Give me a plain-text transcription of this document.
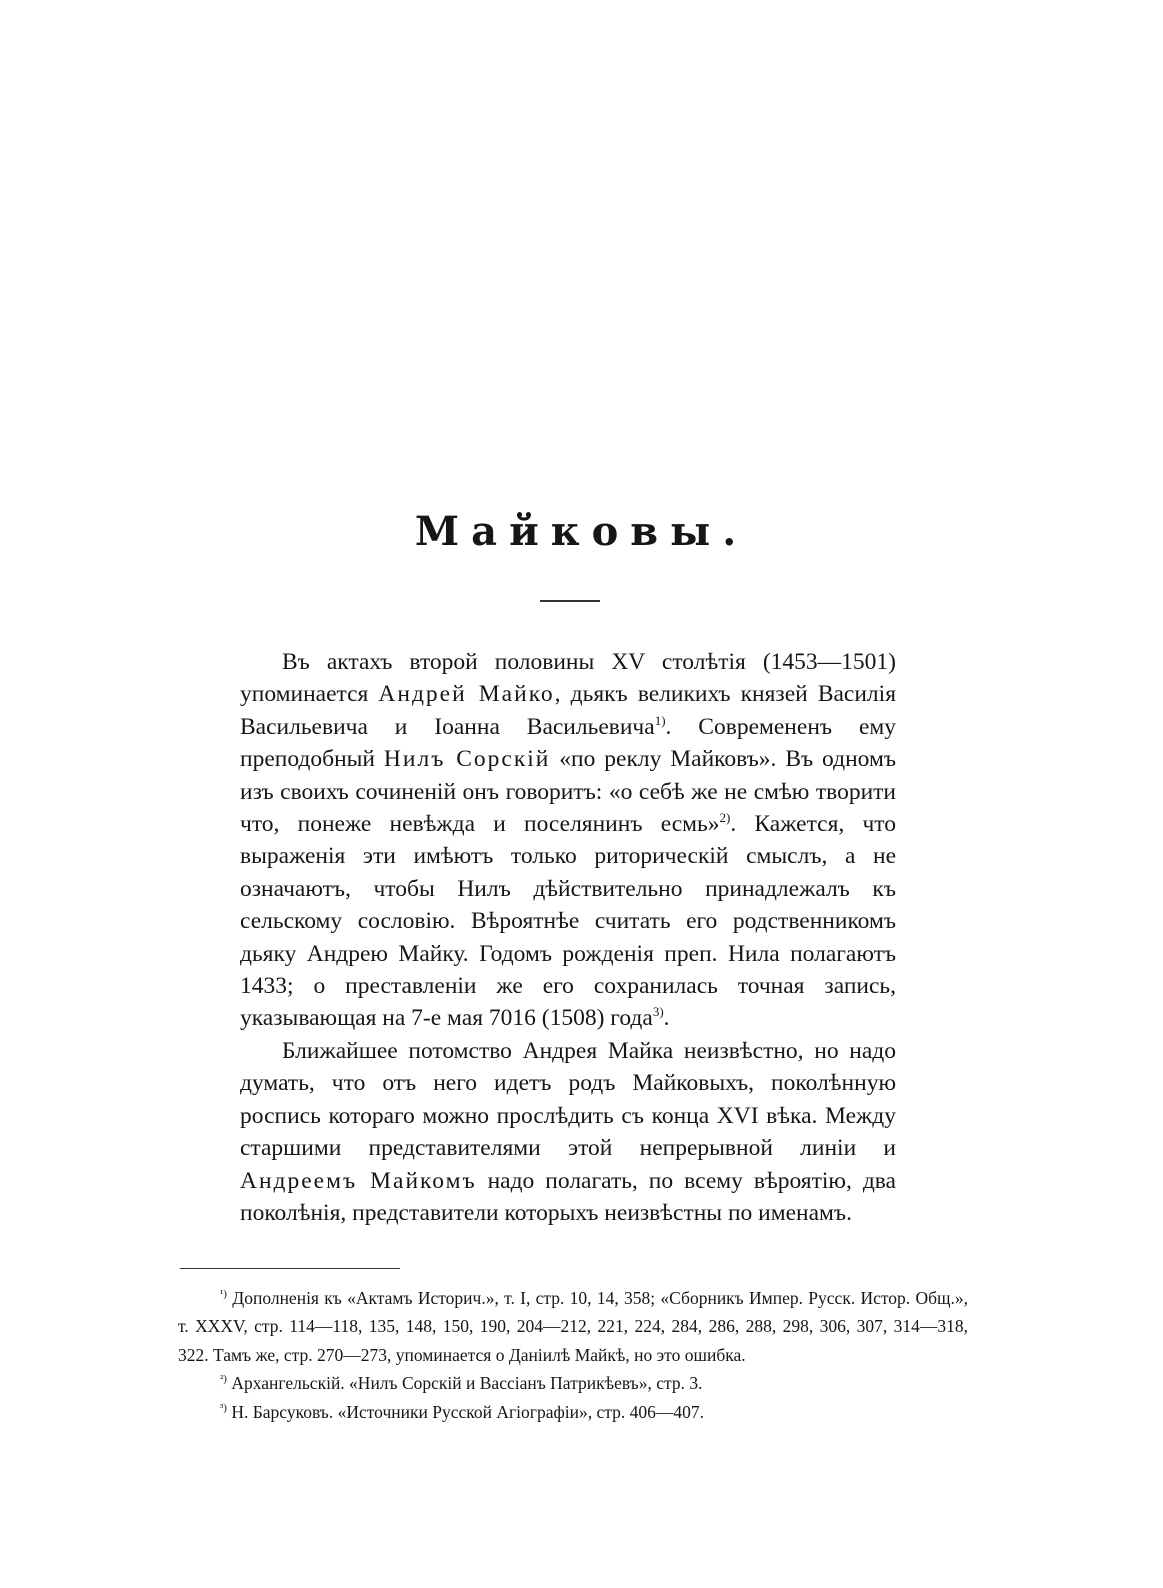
Майковы.

Въ актахъ второй половины XV столѣтія (1453—1501) упоминается Андрей Майко, дьякъ великихъ князей Василія Васильевича и Іоанна Васильевича$^{1)}$. Современенъ ему преподобный Нилъ Сорскій «по реклу Майковъ». Въ одномъ изъ своихъ сочиненій онъ говоритъ: «о себѣ же не смѣю творити что, понеже невѣжда и поселянинъ есмь»$^{2)}$. Кажется, что выраженія эти имѣютъ только риторическій смыслъ, а не означаютъ, чтобы Нилъ дѣйствительно принадлежалъ къ сельскому сословію. Вѣроятнѣе считать его родственникомъ дьяку Андрею Майку. Годомъ рожденія преп. Нила полагаютъ 1433; о преставленіи же его сохранилась точная запись, указывающая на 7-е мая 7016 (1508) года$^{3)}$.

Ближайшее потомство Андрея Майка неизвѣстно, но надо думать, что отъ него идетъ родъ Майковыхъ, поколѣнную роспись котораго можно прослѣдить съ конца XVI вѣка. Между старшими представителями этой непрерывной линіи и Андреемъ Майкомъ надо полагать, по всему вѣроятію, два поколѣнія, представители которыхъ неизвѣстны по именамъ.

$^{^1)}$ Дополненія къ «Актамъ Историч.», т. I, стр. 10, 14, 358; «Сборникъ Импер. Русск. Истор. Общ.», т. XXXV, стр. 114—118, 135, 148, 150, 190, 204—212, 221, 224, 284, 286, 288, 298, 306, 307, 314—318, 322. Тамъ же, стр. 270—273, упоминается о Даніилѣ Майкѣ, но это ошибка.

$^{^2)}$ Архангельскій. «Нилъ Сорскій и Вассіанъ Патрикѣевъ», стр. 3.

$^{^3)}$ Н. Барсуковъ. «Источники Русской Агіографіи», стр. 406—407.
